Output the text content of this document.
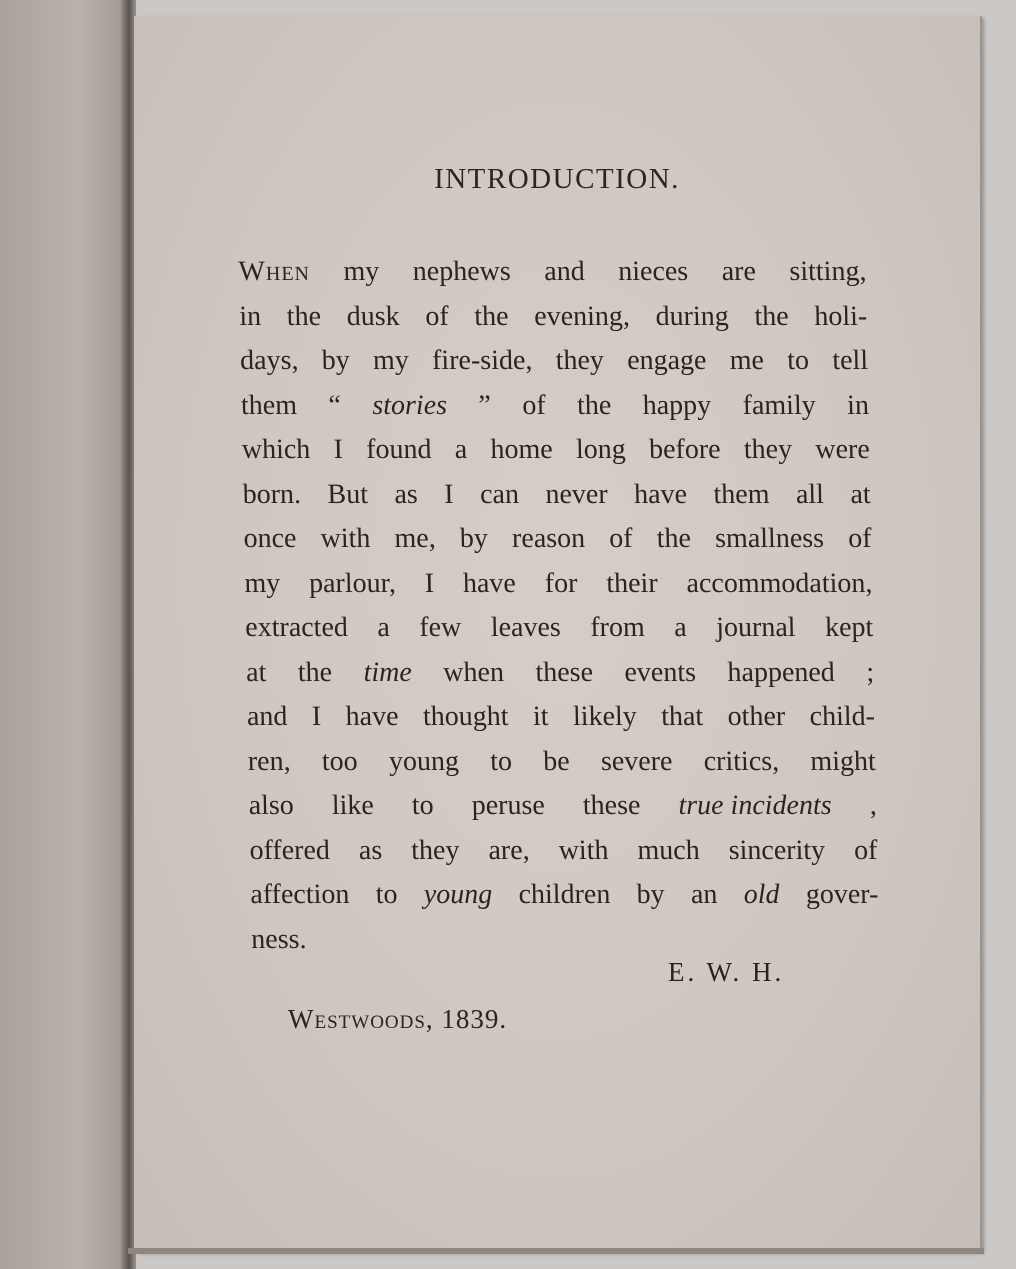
INTRODUCTION.
When my nephews and nieces are sitting,
in the dusk of the evening, during the holi-
days, by my fire-side, they engage me to tell
them “ stories ” of the happy family in
which I found a home long before they were
born. But as I can never have them all at
once with me, by reason of the smallness of
my parlour, I have for their accommodation,
extracted a few leaves from a journal kept
at the time when these events happened ;
and I have thought it likely that other child-
ren, too young to be severe critics, might
also like to peruse these true incidents ,
offered as they are, with much sincerity of
affection to young children by an old gover-
ness.
E. W. H.
Westwoods, 1839.
